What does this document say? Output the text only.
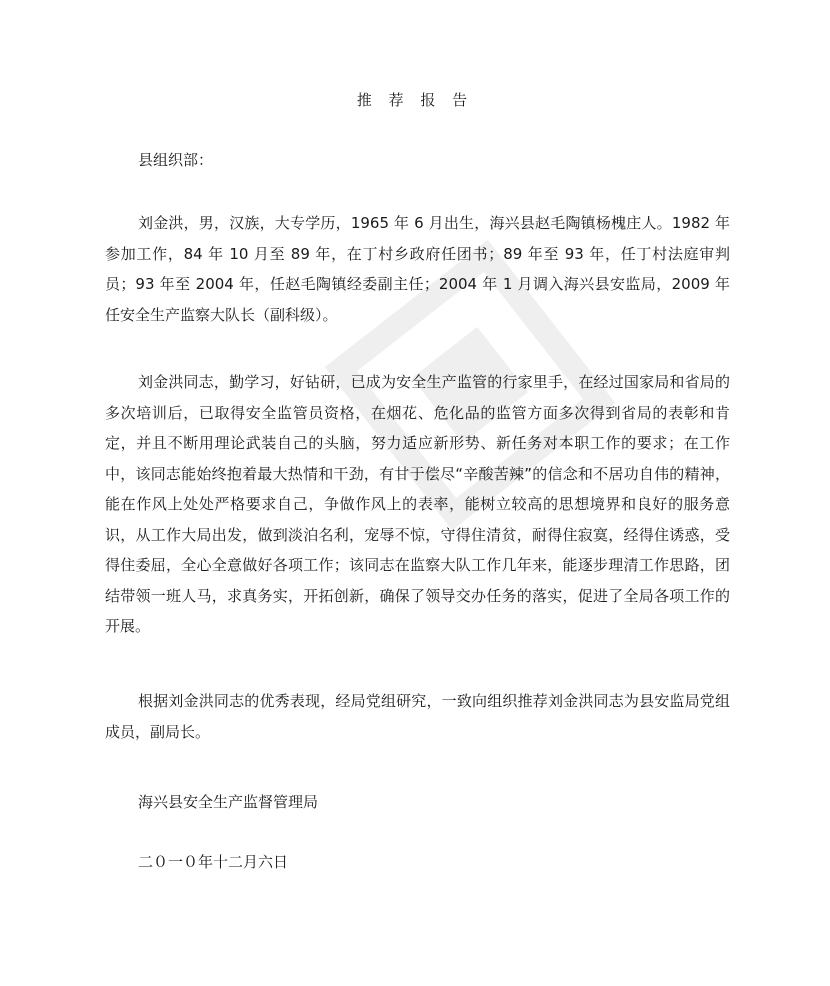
推 荐 报 告
县组织部：

刘金洪，男，汉族，大专学历，1965 年 6 月出生，海兴县赵毛陶镇杨槐庄人。1982 年参加工作，84 年 10 月至 89 年，在丁村乡政府任团书；89 年至 93 年，任丁村法庭审判员；93 年至 2004 年，任赵毛陶镇经委副主任；2004 年 1 月调入海兴县安监局，2009 年任安全生产监察大队长（副科级）。

刘金洪同志，勤学习，好钻研，已成为安全生产监管的行家里手，在经过国家局和省局的多次培训后，已取得安全监管员资格，在烟花、危化品的监管方面多次得到省局的表彰和肯定，并且不断用理论武装自己的头脑，努力适应新形势、新任务对本职工作的要求；在工作中，该同志能始终抱着最大热情和干劲，有甘于偿尽“辛酸苦辣”的信念和不居功自伟的精神，能在作风上处处严格要求自己，争做作风上的表率，能树立较高的思想境界和良好的服务意识，从工作大局出发，做到淡泊名利，宠辱不惊，守得住清贫，耐得住寂寞，经得住诱惑，受得住委屈，全心全意做好各项工作；该同志在监察大队工作几年来，能逐步理清工作思路，团结带领一班人马，求真务实，开拓创新，确保了领导交办任务的落实，促进了全局各项工作的开展。

根据刘金洪同志的优秀表现，经局党组研究，一致向组织推荐刘金洪同志为县安监局党组成员，副局长。

海兴县安全生产监督管理局
二０一０年十二月六日
